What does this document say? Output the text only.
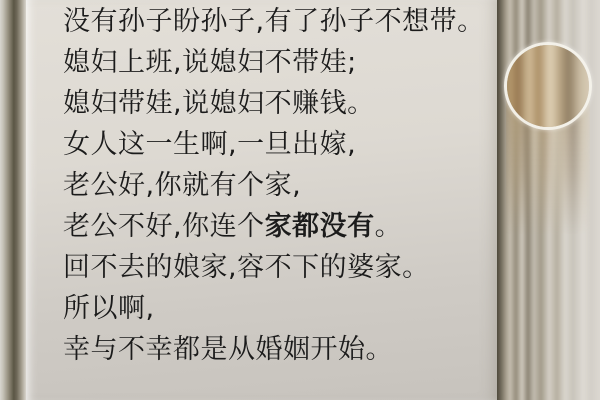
没有孙子盼孙子,有了孙子不想带。
媳妇上班,说媳妇不带娃;
媳妇带娃,说媳妇不赚钱。
女人这一生啊,一旦出嫁,
老公好,你就有个家,
老公不好,你连个家都没有。
回不去的娘家,容不下的婆家。
所以啊,
幸与不幸都是从婚姻开始。
